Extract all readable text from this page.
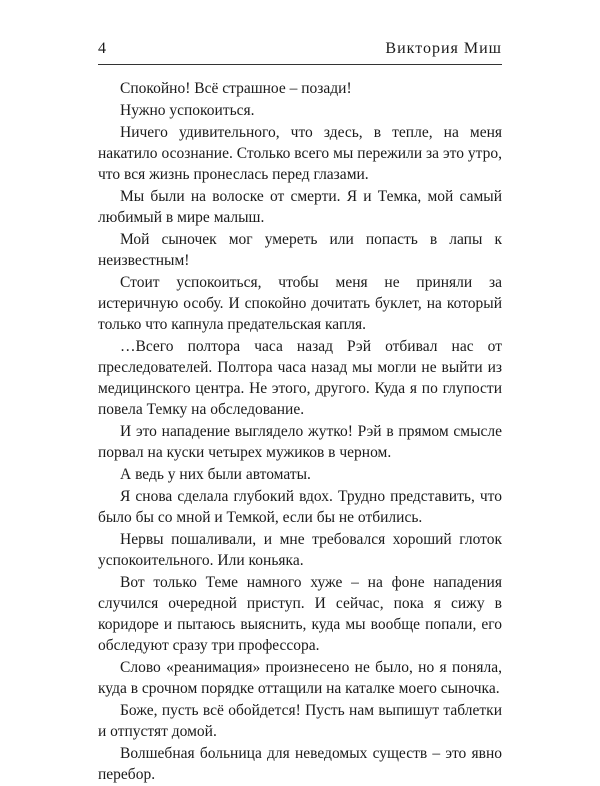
4	Виктория Миш

Спокойно! Всё страшное – позади!

Нужно успокоиться.

Ничего удивительного, что здесь, в тепле, на меня накатило осознание. Столько всего мы пережили за это утро, что вся жизнь пронеслась перед глазами.

Мы были на волоске от смерти. Я и Темка, мой самый любимый в мире малыш.

Мой сыночек мог умереть или попасть в лапы к неизвестным!

Стоит успокоиться, чтобы меня не приняли за истеричную особу. И спокойно дочитать буклет, на который только что капнула предательская капля.

…Всего полтора часа назад Рэй отбивал нас от преследователей. Полтора часа назад мы могли не выйти из медицинского центра. Не этого, другого. Куда я по глупости повела Темку на обследование.

И это нападение выглядело жутко! Рэй в прямом смысле порвал на куски четырех мужиков в черном.

А ведь у них были автоматы.

Я снова сделала глубокий вдох. Трудно представить, что было бы со мной и Темкой, если бы не отбились.

Нервы пошаливали, и мне требовался хороший глоток успокоительного. Или коньяка.

Вот только Теме намного хуже – на фоне нападения случился очередной приступ. И сейчас, пока я сижу в коридоре и пытаюсь выяснить, куда мы вообще попали, его обследуют сразу три профессора.

Слово «реанимация» произнесено не было, но я поняла, куда в срочном порядке оттащили на каталке моего сыночка.

Боже, пусть всё обойдется! Пусть нам выпишут таблетки и отпустят домой.

Волшебная больница для неведомых существ – это явно перебор.
